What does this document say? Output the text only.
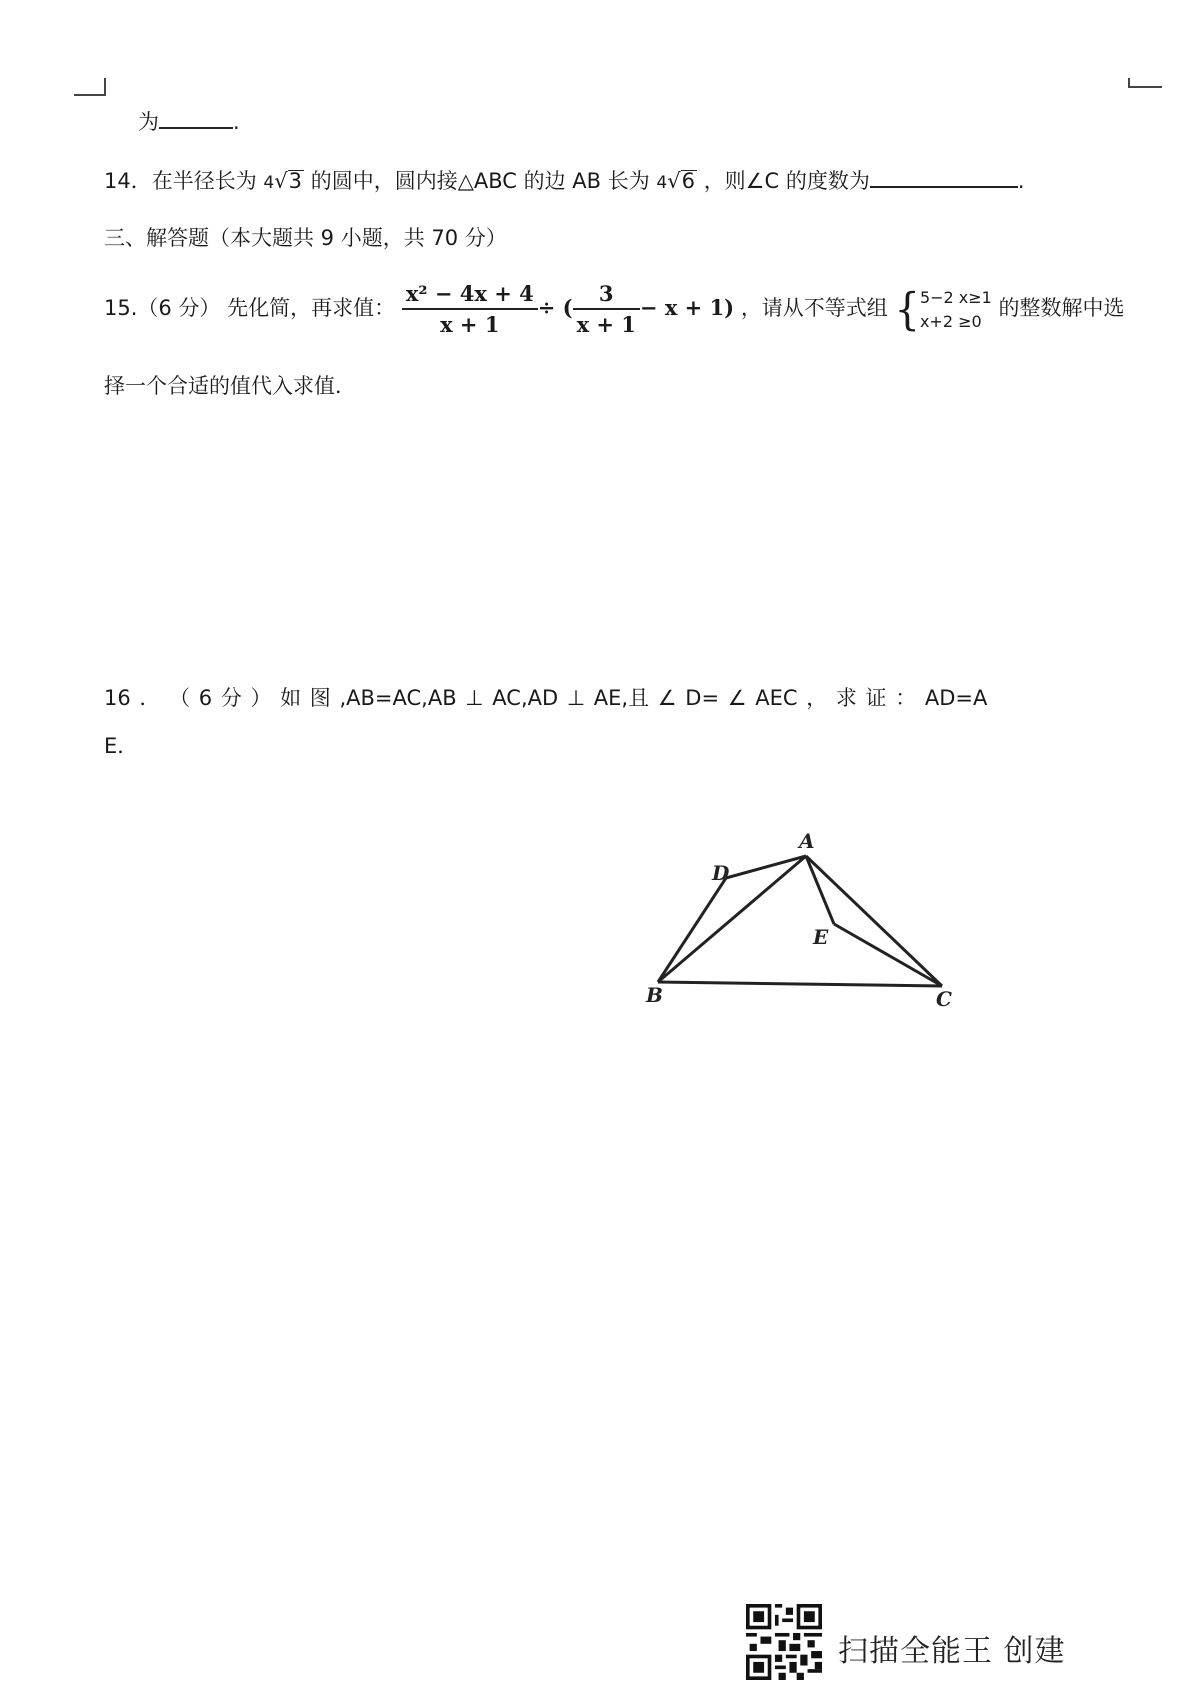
为	.
14．在半径长为 4√3 的圆中，圆内接△ABC 的边 AB 长为 4√6 ，则∠C 的度数为	.
三、解答题（本大题共 9 小题，共 70 分）
15.（6 分） 先化简，再求值： $\frac{\text{x² − 4x + 4}}{x + 1}$ ÷ ( $\frac{3}{x + 1} - x + 1$) ，请从不等式组 { 5−2 x≥1
x+2 ≥0
的整数解中选
择一个合适的值代入求值．
16 ． （ 6 分 ） 如 图 ,AB=AC,AB ⊥ AC,AD ⊥ AE,且 ∠ D= ∠ AEC ， 求 证 ： AD=A
E．
A
B	C
D
E
扫描全能王 创建
